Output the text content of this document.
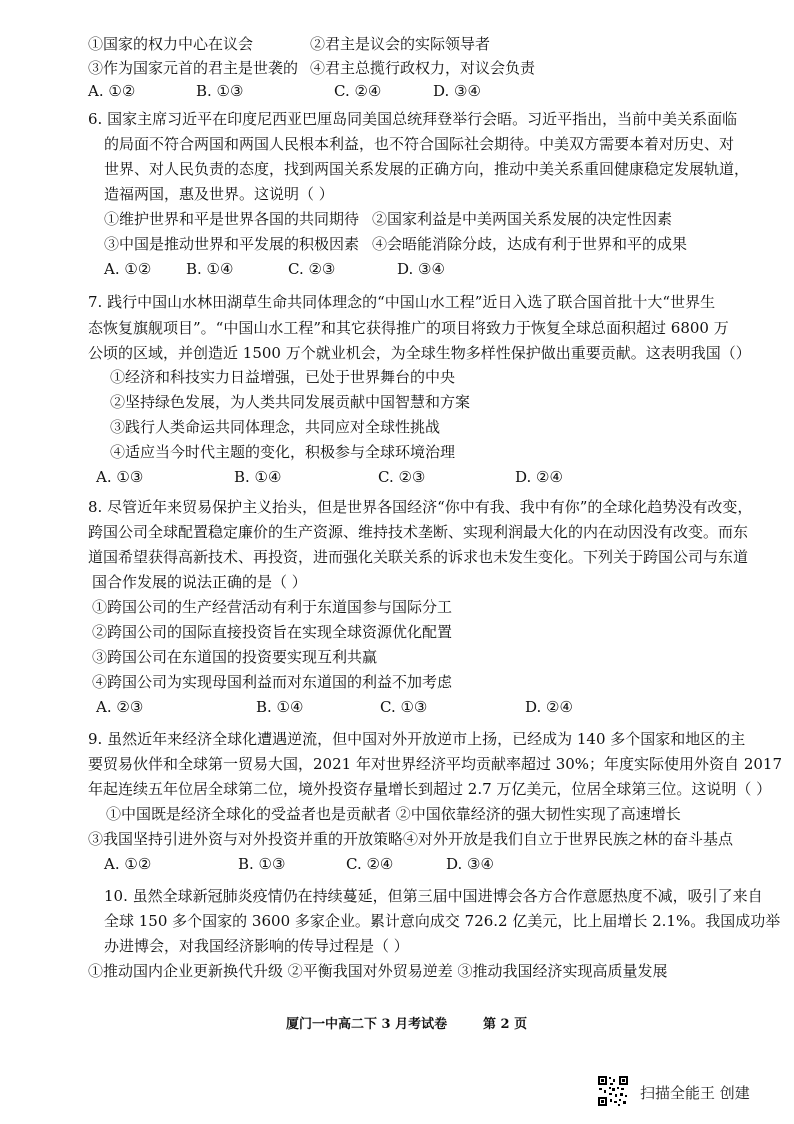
①国家的权力中心在议会	②君主是议会的实际领导者
③作为国家元首的君主是世袭的 ④君主总揽行政权力，对议会负责
A. ①②	B. ①③	C. ②④	D. ③④
6. 国家主席习近平在印度尼西亚巴厘岛同美国总统拜登举行会晤。习近平指出，当前中美关系面临
的局面不符合两国和两国人民根本利益，也不符合国际社会期待。中美双方需要本着对历史、对
世界、对人民负责的态度，找到两国关系发展的正确方向，推动中美关系重回健康稳定发展轨道，
造福两国，惠及世界。这说明（ ）
①维护世界和平是世界各国的共同期待 ②国家利益是中美两国关系发展的决定性因素
③中国是推动世界和平发展的积极因素 ④会晤能消除分歧，达成有利于世界和平的成果
A. ①② B. ①④	C. ②③	D. ③④
7. 践行中国山水林田湖草生命共同体理念的“中国山水工程”近日入选了联合国首批十大“世界生
态恢复旗舰项目”。“中国山水工程”和其它获得推广的项目将致力于恢复全球总面积超过 6800 万
公顷的区域，并创造近 1500 万个就业机会，为全球生物多样性保护做出重要贡献。这表明我国（）
①经济和科技实力日益增强，已处于世界舞台的中央
②坚持绿色发展，为人类共同发展贡献中国智慧和方案
③践行人类命运共同体理念，共同应对全球性挑战
④适应当今时代主题的变化，积极参与全球环境治理
A. ①③	B. ①④	C. ②③	D. ②④
8. 尽管近年来贸易保护主义抬头，但是世界各国经济“你中有我、我中有你”的全球化趋势没有改变，
跨国公司全球配置稳定廉价的生产资源、维持技术垄断、实现利润最大化的内在动因没有改变。而东
道国希望获得高新技术、再投资，进而强化关联关系的诉求也未发生变化。下列关于跨国公司与东道
国合作发展的说法正确的是（ ）
①跨国公司的生产经营活动有利于东道国参与国际分工
②跨国公司的国际直接投资旨在实现全球资源优化配置
③跨国公司在东道国的投资要实现互利共赢
④跨国公司为实现母国利益而对东道国的利益不加考虑
A. ②③	B. ①④	C. ①③	D. ②④
9. 虽然近年来经济全球化遭遇逆流，但中国对外开放逆市上扬，已经成为 140 多个国家和地区的主
要贸易伙伴和全球第一贸易大国，2021 年对世界经济平均贡献率超过 30%；年度实际使用外资自 2017
年起连续五年位居全球第二位，境外投资存量增长到超过 2.7 万亿美元，位居全球第三位。这说明（ ）
①中国既是经济全球化的受益者也是贡献者 ②中国依靠经济的强大韧性实现了高速增长
③我国坚持引进外资与对外投资并重的开放策略④对外开放是我们自立于世界民族之林的奋斗基点
A. ①②	B. ①③	C. ②④	D. ③④
10. 虽然全球新冠肺炎疫情仍在持续蔓延，但第三届中国进博会各方合作意愿热度不减，吸引了来自
全球 150 多个国家的 3600 多家企业。累计意向成交 726.2 亿美元，比上届增长 2.1%。我国成功举
办进博会，对我国经济影响的传导过程是（ ）
①推动国内企业更新换代升级 ②平衡我国对外贸易逆差 ③推动我国经济实现高质量发展
厦门一中高二下 3 月考试卷	第 2 页
扫描全能王 创建
